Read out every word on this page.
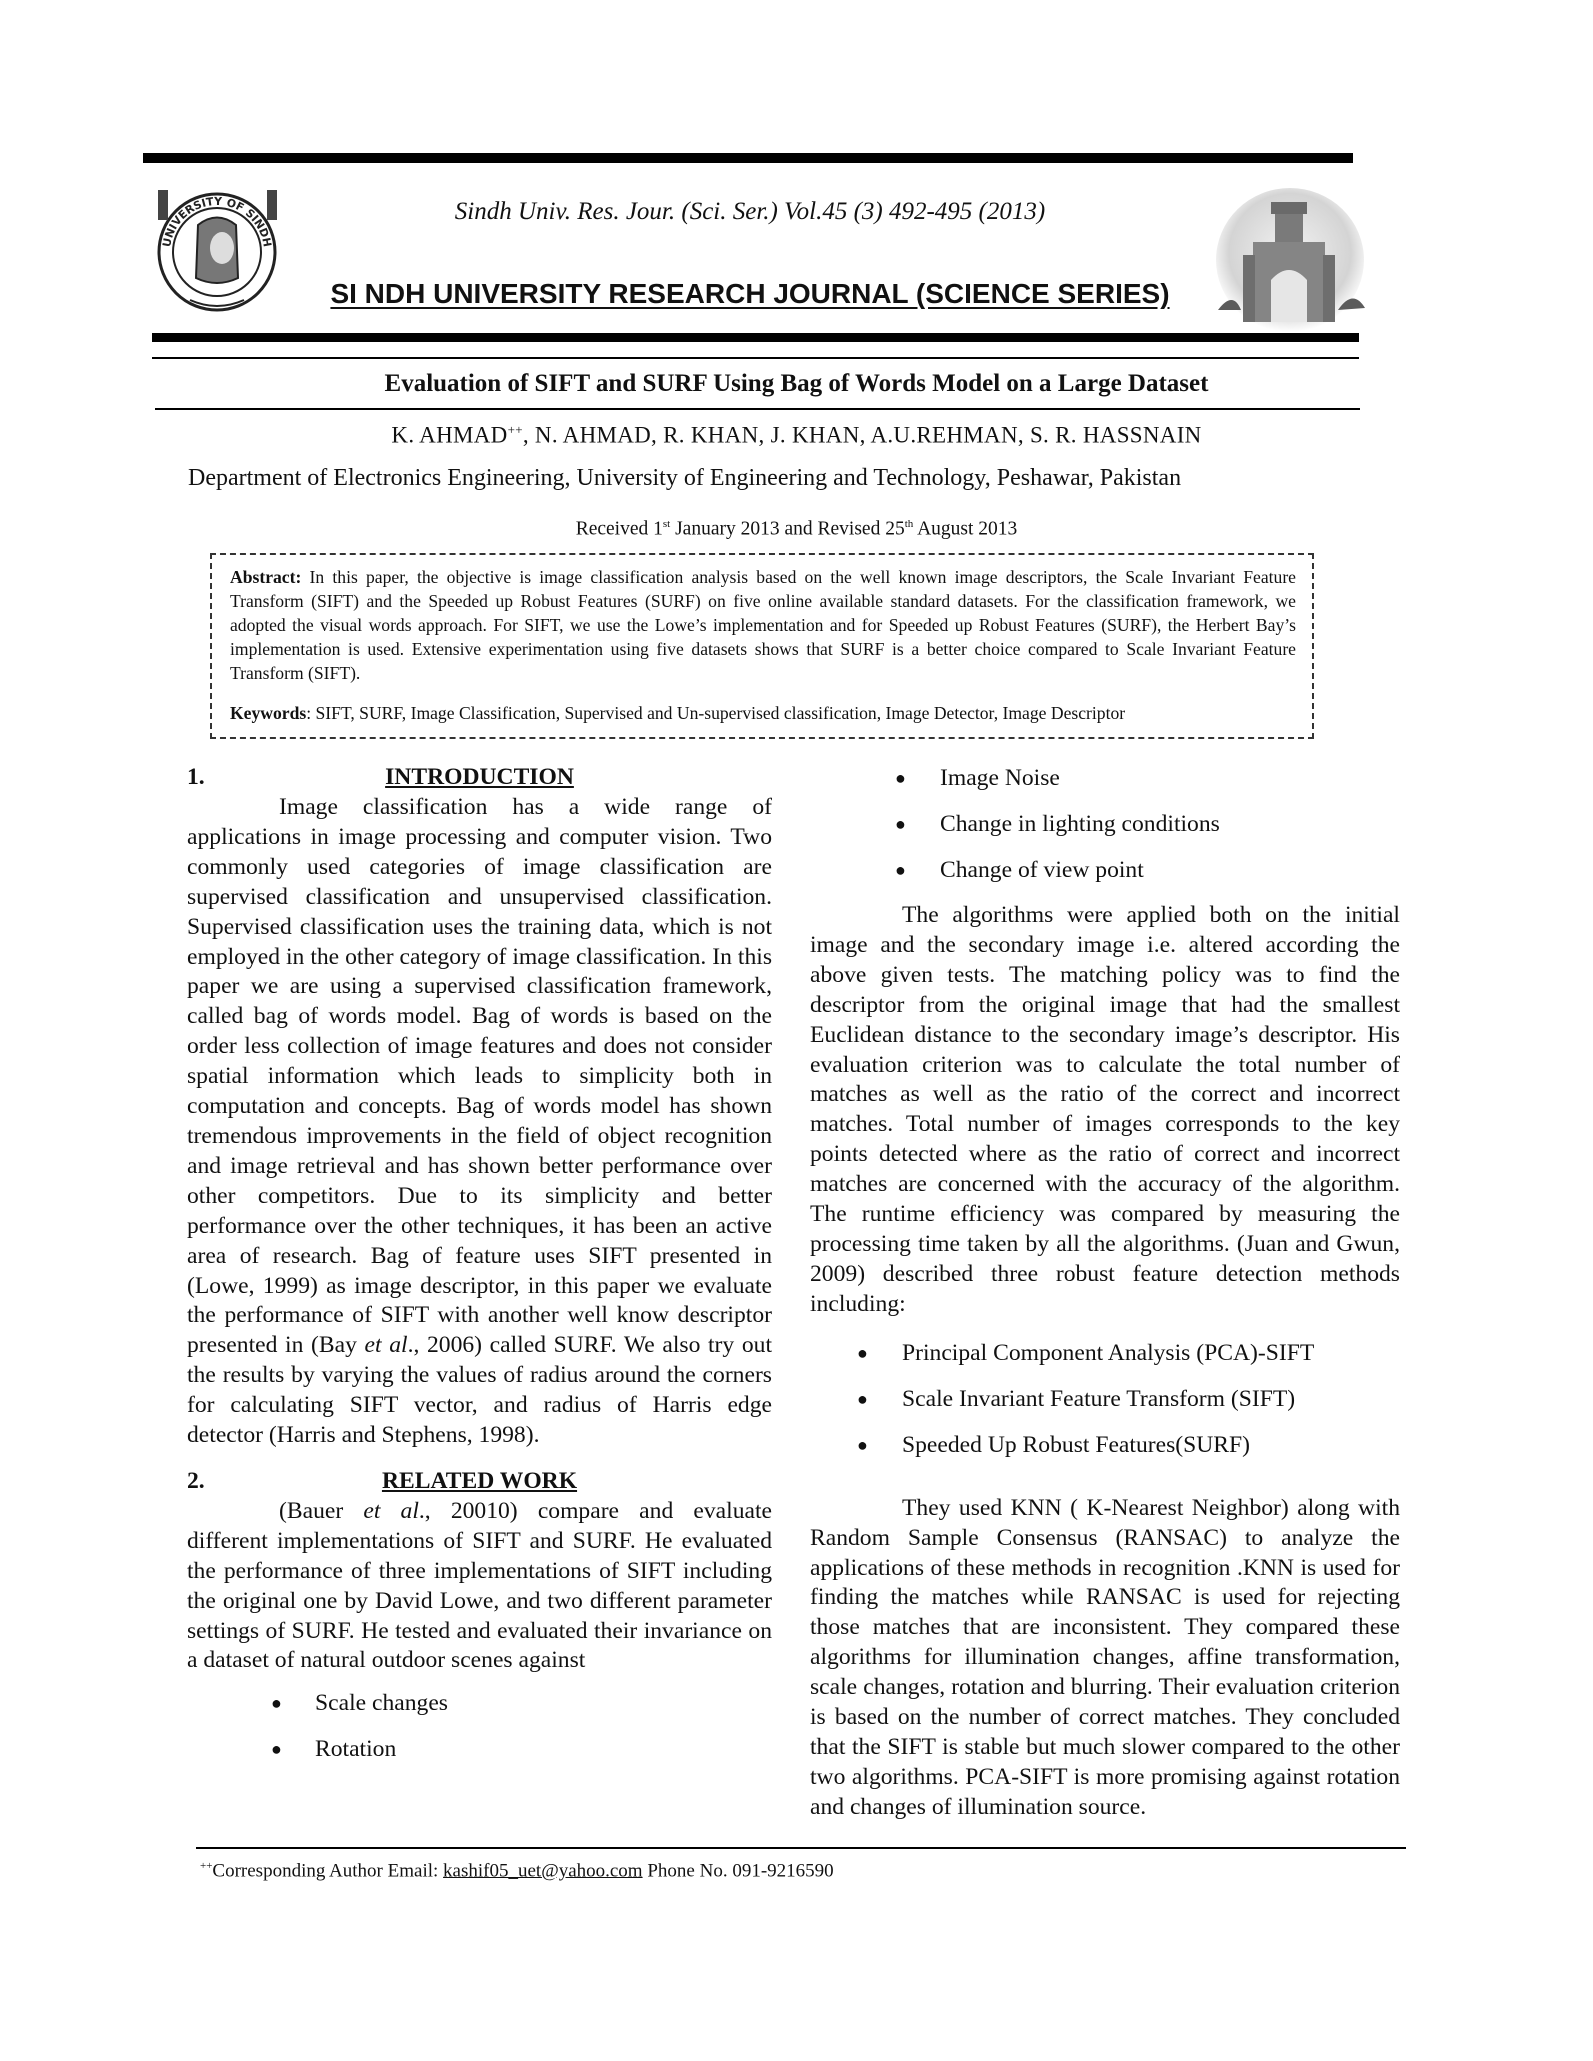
UNIVERSITY OF SINDH
Sindh Univ. Res. Jour. (Sci. Ser.) Vol.45 (3) 492-495 (2013)
SI NDH UNIVERSITY RESEARCH JOURNAL (SCIENCE SERIES)
Evaluation of SIFT and SURF Using Bag of Words Model on a Large Dataset
K. AHMAD++, N. AHMAD, R. KHAN, J. KHAN, A.U.REHMAN, S. R. HASSNAIN
Department of Electronics Engineering, University of Engineering and Technology, Peshawar, Pakistan
Received 1st January 2013 and Revised 25th August 2013
Abstract: In this paper, the objective is image classification analysis based on the well known image descriptors, the Scale Invariant Feature Transform (SIFT) and the Speeded up Robust Features (SURF) on five online available standard datasets. For the classification framework, we adopted the visual words approach. For SIFT, we use the Lowe’s implementation and for Speeded up Robust Features (SURF), the Herbert Bay’s implementation is used. Extensive experimentation using five datasets shows that SURF is a better choice compared to Scale Invariant Feature Transform (SIFT).
Keywords: SIFT, SURF, Image Classification, Supervised and Un-supervised classification, Image Detector, Image Descriptor
1.	INTRODUCTION

Image classification has a wide range of applications in image processing and computer vision. Two commonly used categories of image classification are supervised classification and unsupervised classification. Supervised classification uses the training data, which is not employed in the other category of image classification. In this paper we are using a supervised classification framework, called bag of words model. Bag of words is based on the order less collection of image features and does not consider spatial information which leads to simplicity both in computation and concepts. Bag of words model has shown tremendous improvements in the field of object recognition and image retrieval and has shown better performance over other competitors. Due to its simplicity and better performance over the other techniques, it has been an active area of research. Bag of feature uses SIFT presented in (Lowe, 1999) as image descriptor, in this paper we evaluate the performance of SIFT with another well know descriptor presented in (Bay et al., 2006) called SURF. We also try out the results by varying the values of radius around the corners for calculating SIFT vector, and radius of Harris edge detector (Harris and Stephens, 1998).

2.	RELATED WORK

(Bauer et al., 20010) compare and evaluate different implementations of SIFT and SURF. He evaluated the performance of three implementations of SIFT including the original one by David Lowe, and two different parameter settings of SURF. He tested and evaluated their invariance on a dataset of natural outdoor scenes against

● Scale changes
● Rotation
● Image Noise
● Change in lighting conditions
● Change of view point

The algorithms were applied both on the initial image and the secondary image i.e. altered according the above given tests. The matching policy was to find the descriptor from the original image that had the smallest Euclidean distance to the secondary image’s descriptor. His evaluation criterion was to calculate the total number of matches as well as the ratio of the correct and incorrect matches. Total number of images corresponds to the key points detected where as the ratio of correct and incorrect matches are concerned with the accuracy of the algorithm. The runtime efficiency was compared by measuring the processing time taken by all the algorithms. (Juan and Gwun, 2009) described three robust feature detection methods including:

● Principal Component Analysis (PCA)-SIFT
● Scale Invariant Feature Transform (SIFT)
● Speeded Up Robust Features(SURF)

They used KNN ( K-Nearest Neighbor) along with Random Sample Consensus (RANSAC) to analyze the applications of these methods in recognition .KNN is used for finding the matches while RANSAC is used for rejecting those matches that are inconsistent. They compared these algorithms for illumination changes, affine transformation, scale changes, rotation and blurring. Their evaluation criterion is based on the number of correct matches. They concluded that the SIFT is stable but much slower compared to the other two algorithms. PCA-SIFT is more promising against rotation and changes of illumination source.

++Corresponding Author Email: kashif05_uet@yahoo.com Phone No. 091-9216590
